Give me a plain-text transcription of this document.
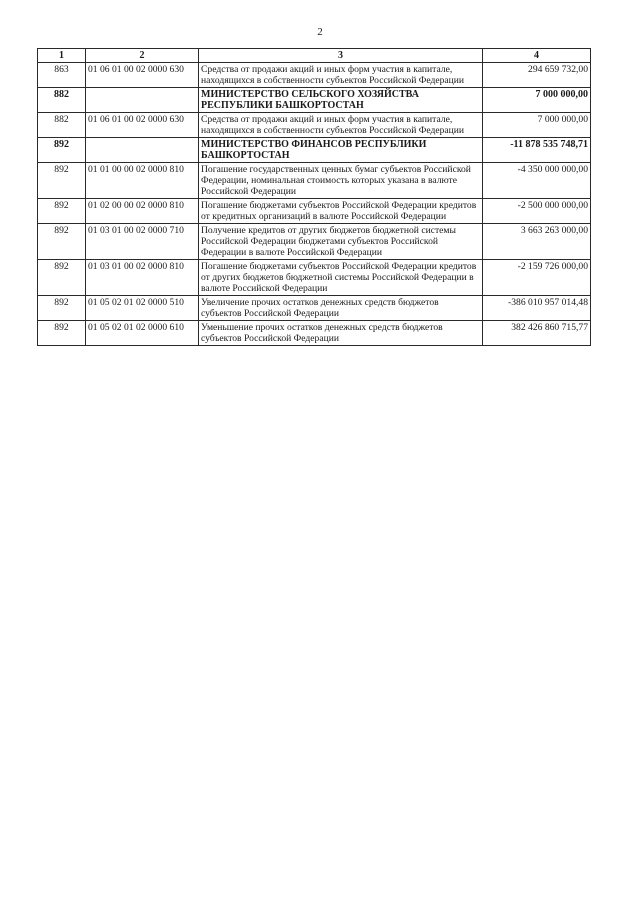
2
1	2	3	4
863	01 06 01 00 02 0000 630	Средства от продажи акций и иных форм участия в капитале, находящихся в собственности субъектов Российской Федерации	294 659 732,00
882		МИНИСТЕРСТВО СЕЛЬСКОГО ХОЗЯЙСТВА РЕСПУБЛИКИ БАШКОРТОСТАН	7 000 000,00
882	01 06 01 00 02 0000 630	Средства от продажи акций и иных форм участия в капитале, находящихся в собственности субъектов Российской Федерации	7 000 000,00
892		МИНИСТЕРСТВО ФИНАНСОВ РЕСПУБЛИКИ БАШКОРТОСТАН	-11 878 535 748,71
892	01 01 00 00 02 0000 810	Погашение государственных ценных бумаг субъектов Российской Федерации, номинальная стоимость которых указана в валюте Российской Федерации	-4 350 000 000,00
892	01 02 00 00 02 0000 810	Погашение бюджетами субъектов Российской Федерации кредитов от кредитных организаций в валюте Российской Федерации	-2 500 000 000,00
892	01 03 01 00 02 0000 710	Получение кредитов от других бюджетов бюджетной системы Российской Федерации бюджетами субъектов Российской Федерации в валюте Российской Федерации	3 663 263 000,00
892	01 03 01 00 02 0000 810	Погашение бюджетами субъектов Российской Федерации кредитов от других бюджетов бюджетной системы Российской Федерации в валюте Российской Федерации	-2 159 726 000,00
892	01 05 02 01 02 0000 510	Увеличение прочих остатков денежных средств бюджетов субъектов Российской Федерации	-386 010 957 014,48
892	01 05 02 01 02 0000 610	Уменьшение прочих остатков денежных средств бюджетов субъектов Российской Федерации	382 426 860 715,77
